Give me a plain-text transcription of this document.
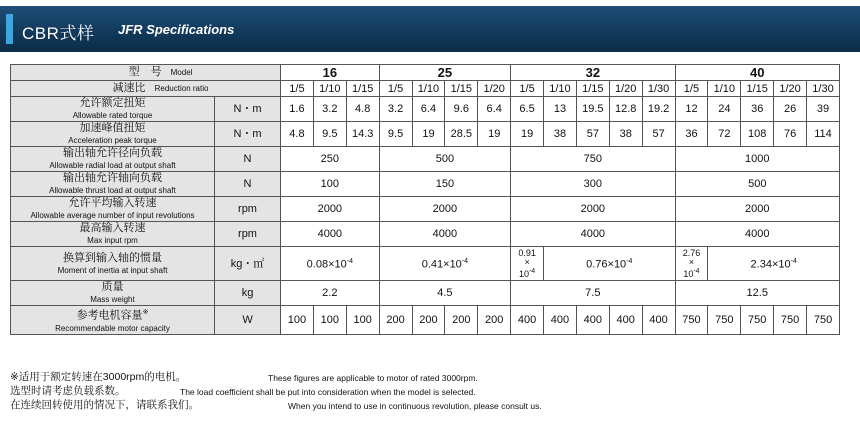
CBR式样 JFR Specifications
型　号 Model		16			25				32					40				
减速比 Reduction ratio		1/5	1/10	1/15	1/5	1/10	1/15	1/20	1/5	1/10	1/15	1/20	1/30	1/5	1/10	1/15	1/20	1/30

允许额定扭矩
Allowable rated torque	N・m	1.6	3.2	4.8	3.2	6.4	9.6	6.4	6.5	13	19.5	12.8	19.2	12	24	36	26	39

加速峰值扭矩
Acceleration peak torque	N・m	4.8	9.5	14.3	9.5	19	28.5	19	19	38	57	38	57	36	72	108	76	114

输出轴允许径向负载
Allowable radial load at output shaft	N	250			500				750					1000				

输出轴允许轴向负载
Allowable thrust load at output shaft	N	100			150				300					500				

允许平均输入转速
Allowable average number of input revolutions	rpm	2000			2000				2000					2000				

最高输入转速
Max input rpm	rpm	4000			4000				4000					4000				

换算到输入轴的惯量
Moment of inertia at input shaft	kg・㎡	$0.08\times 10^{-4}$			$0.41\times 10^{-4}$				0.91
×
$10^{-4}$	$0.76\times 10^{-4}$				2.76
×
$10^{-4}$	$2.34\times 10^{-4}$

质量
Mass weight	kg	2.2			4.5				7.5					12.5				

参考电机容量※
Recommendable motor capacity	W	100	100	100	200	200	200	200	400	400	400	400	400	750	750	750	750	750
※适用于额定转速在3000rpm的电机。	These figures are applicable to motor of rated 3000rpm.
选型时请考虑负载系数。	The load coefficient shall be put into consideration when the model is selected.
在连续回转使用的情况下，请联系我们。	When you intend to use in continuous revolution, please consult us.
